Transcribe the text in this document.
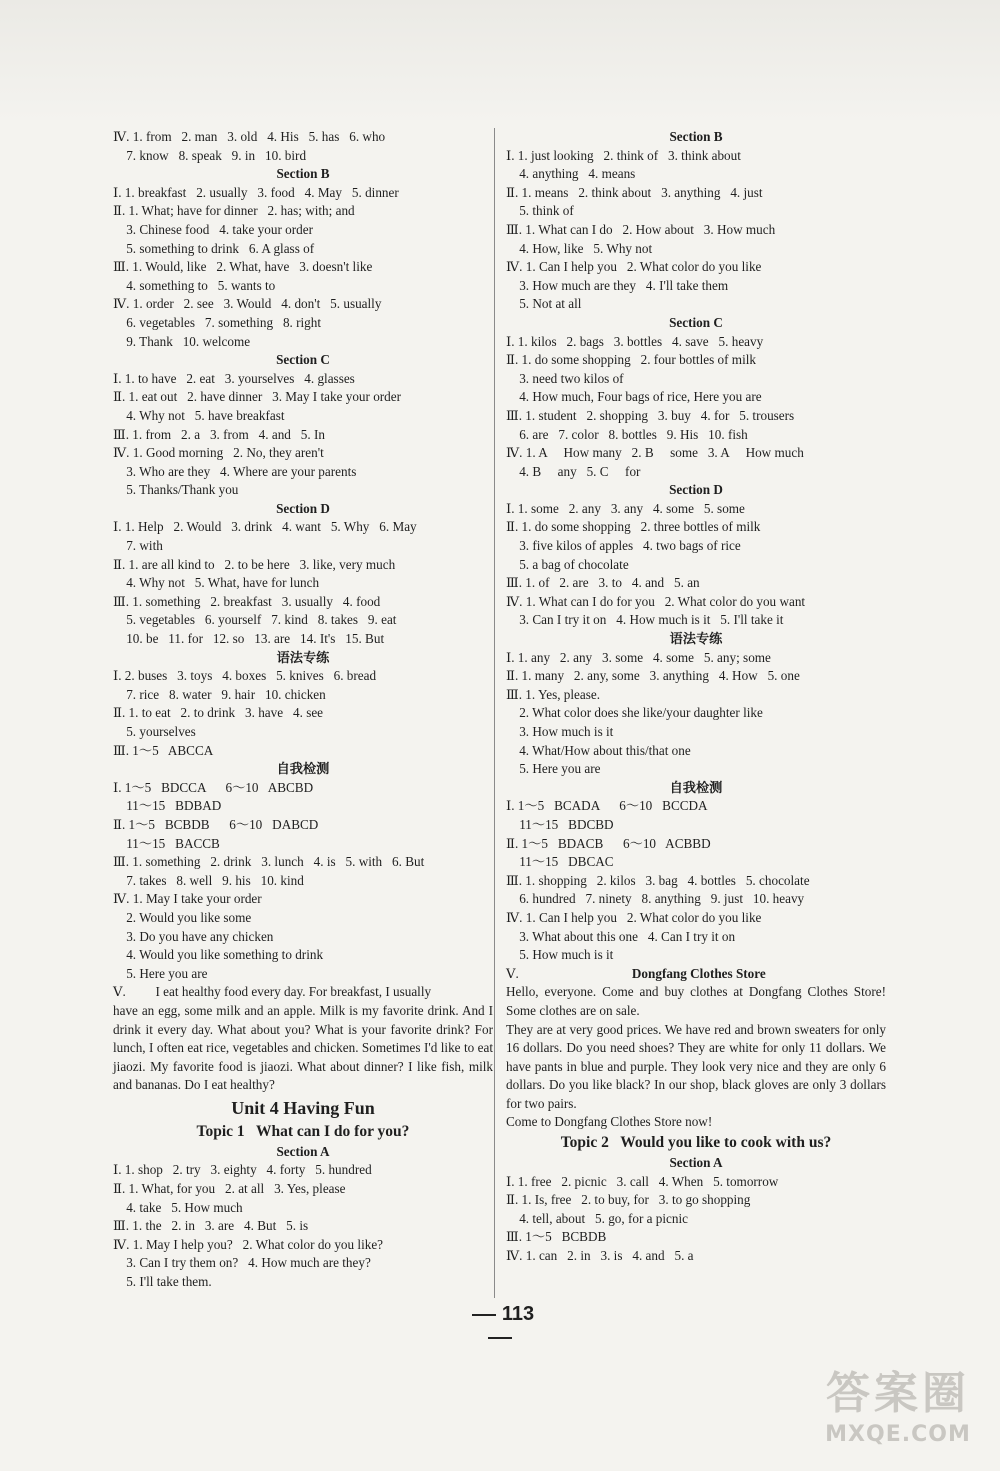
Ⅳ. 1. from   2. man   3. old   4. His   5. has   6. who
7. know   8. speak   9. in   10. bird
Section B
Ⅰ. 1. breakfast   2. usually   3. food   4. May   5. dinner
Ⅱ. 1. What; have for dinner   2. has; with; and
3. Chinese food   4. take your order
5. something to drink   6. A glass of
Ⅲ. 1. Would, like   2. What, have   3. doesn't like
4. something to   5. wants to
Ⅳ. 1. order   2. see   3. Would   4. don't   5. usually
6. vegetables   7. something   8. right
9. Thank   10. welcome
Section C
Ⅰ. 1. to have   2. eat   3. yourselves   4. glasses
Ⅱ. 1. eat out   2. have dinner   3. May I take your order
4. Why not   5. have breakfast
Ⅲ. 1. from   2. a   3. from   4. and   5. In
Ⅳ. 1. Good morning   2. No, they aren't
3. Who are they   4. Where are your parents
5. Thanks/Thank you
Section D
Ⅰ. 1. Help   2. Would   3. drink   4. want   5. Why   6. May
7. with
Ⅱ. 1. are all kind to   2. to be here   3. like, very much
4. Why not   5. What, have for lunch
Ⅲ. 1. something   2. breakfast   3. usually   4. food
5. vegetables   6. yourself   7. kind   8. takes   9. eat
10. be   11. for   12. so   13. are   14. It's   15. But
语法专练
Ⅰ. 2. buses   3. toys   4. boxes   5. knives   6. bread
7. rice   8. water   9. hair   10. chicken
Ⅱ. 1. to eat   2. to drink   3. have   4. see
5. yourselves
Ⅲ. 1～5   ABCCA
自我检测
Ⅰ. 1～5   BDCCA      6～10   ABCBD
11～15   BDBAD
Ⅱ. 1～5   BCBDB      6～10   DABCD
11～15   BACCB
Ⅲ. 1. something   2. drink   3. lunch   4. is   5. with   6. But
7. takes   8. well   9. his   10. kind
Ⅳ. 1. May I take your order
2. Would you like some
3. Do you have any chicken
4. Would you like something to drink
5. Here you are
Ⅴ.         I eat healthy food every day. For breakfast, I usually
have an egg, some milk and an apple. Milk is my favorite drink. And I drink it every day. What about you? What is your favorite drink? For lunch, I often eat rice, vegetables and chicken. Sometimes I'd like to eat jiaozi. My favorite food is jiaozi. What about dinner? I like fish, milk and bananas. Do I eat healthy?
Unit 4 Having Fun
Topic 1   What can I do for you?
Section A
Ⅰ. 1. shop   2. try   3. eighty   4. forty   5. hundred
Ⅱ. 1. What, for you   2. at all   3. Yes, please
4. take   5. How much
Ⅲ. 1. the   2. in   3. are   4. But   5. is
Ⅳ. 1. May I help you?   2. What color do you like?
3. Can I try them on?   4. How much are they?
5. I'll take them.
Section B
Ⅰ. 1. just looking   2. think of   3. think about
4. anything   4. means
Ⅱ. 1. means   2. think about   3. anything   4. just
5. think of
Ⅲ. 1. What can I do   2. How about   3. How much
4. How, like   5. Why not
Ⅳ. 1. Can I help you   2. What color do you like
3. How much are they   4. I'll take them
5. Not at all
Section C
Ⅰ. 1. kilos   2. bags   3. bottles   4. save   5. heavy
Ⅱ. 1. do some shopping   2. four bottles of milk
3. need two kilos of
4. How much, Four bags of rice, Here you are
Ⅲ. 1. student   2. shopping   3. buy   4. for   5. trousers
6. are   7. color   8. bottles   9. His   10. fish
Ⅳ. 1. A     How many   2. B     some   3. A     How much
4. B     any   5. C     for
Section D
Ⅰ. 1. some   2. any   3. any   4. some   5. some
Ⅱ. 1. do some shopping   2. three bottles of milk
3. five kilos of apples   4. two bags of rice
5. a bag of chocolate
Ⅲ. 1. of   2. are   3. to   4. and   5. an
Ⅳ. 1. What can I do for you   2. What color do you want
3. Can I try it on   4. How much is it   5. I'll take it
语法专练
Ⅰ. 1. any   2. any   3. some   4. some   5. any; some
Ⅱ. 1. many   2. any, some   3. anything   4. How   5. one
Ⅲ. 1. Yes, please.
2. What color does she like/your daughter like
3. How much is it
4. What/How about this/that one
5. Here you are
自我检测
Ⅰ. 1～5   BCADA      6～10   BCCDA
11～15   BDCBD
Ⅱ. 1～5   BDACB      6～10   ACBBD
11～15   DBCAC
Ⅲ. 1. shopping   2. kilos   3. bag   4. bottles   5. chocolate
6. hundred   7. ninety   8. anything   9. just   10. heavy
Ⅳ. 1. Can I help you   2. What color do you like
3. What about this one   4. Can I try it on
5. How much is it
Ⅴ.	Dongfang Clothes Store
Hello, everyone. Come and buy clothes at Dongfang Clothes Store! Some clothes are on sale.
They are at very good prices. We have red and brown sweaters for only 16 dollars. Do you need shoes? They are white for only 11 dollars. We have pants in blue and purple. They look very nice and they are only 6 dollars. Do you like black? In our shop, black gloves are only 3 dollars for two pairs.
Come to Dongfang Clothes Store now!
Topic 2   Would you like to cook with us?
Section A
Ⅰ. 1. free   2. picnic   3. call   4. When   5. tomorrow
Ⅱ. 1. Is, free   2. to buy, for   3. to go shopping
4. tell, about   5. go, for a picnic
Ⅲ. 1～5   BCBDB
Ⅳ. 1. can   2. in   3. is   4. and   5. a
113
答案圈
MXQE.COM
